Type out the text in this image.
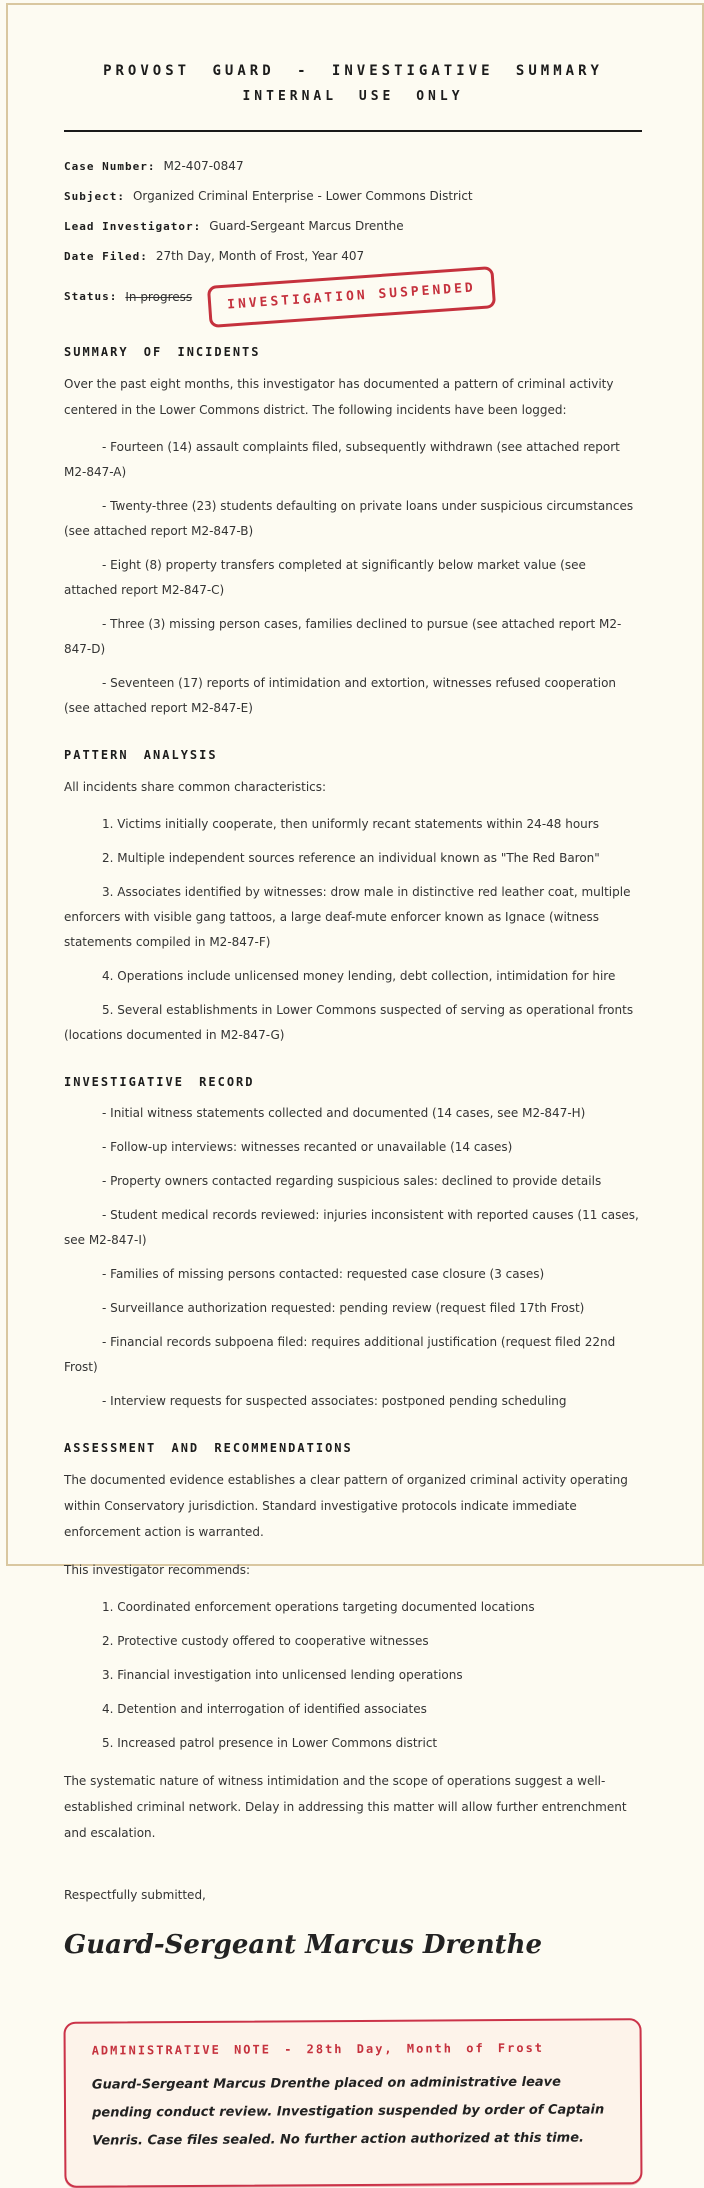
PROVOST GUARD - INVESTIGATIVE SUMMARY
INTERNAL USE ONLY
Case Number: M2-407-0847
Subject: Organized Criminal Enterprise - Lower Commons District
Lead Investigator: Guard-Sergeant Marcus Drenthe
Date Filed: 27th Day, Month of Frost, Year 407
Status: In progress	INVESTIGATION SUSPENDED
SUMMARY OF INCIDENTS

Over the past eight months, this investigator has documented a pattern of criminal activity centered in the Lower Commons district. The following incidents have been logged:

- Fourteen (14) assault complaints filed, subsequently withdrawn (see attached report M2-847-A)
- Twenty-three (23) students defaulting on private loans under suspicious circumstances (see attached report M2-847-B)
- Eight (8) property transfers completed at significantly below market value (see attached report M2-847-C)
- Three (3) missing person cases, families declined to pursue (see attached report M2-847-D)
- Seventeen (17) reports of intimidation and extortion, witnesses refused cooperation (see attached report M2-847-E)
PATTERN ANALYSIS

All incidents share common characteristics:

1. Victims initially cooperate, then uniformly recant statements within 24-48 hours
2. Multiple independent sources reference an individual known as "The Red Baron"
3. Associates identified by witnesses: drow male in distinctive red leather coat, multiple enforcers with visible gang tattoos, a large deaf-mute enforcer known as Ignace (witness statements compiled in M2-847-F)
4. Operations include unlicensed money lending, debt collection, intimidation for hire
5. Several establishments in Lower Commons suspected of serving as operational fronts (locations documented in M2-847-G)
INVESTIGATIVE RECORD
- Initial witness statements collected and documented (14 cases, see M2-847-H)
- Follow-up interviews: witnesses recanted or unavailable (14 cases)
- Property owners contacted regarding suspicious sales: declined to provide details
- Student medical records reviewed: injuries inconsistent with reported causes (11 cases, see M2-847-I)
- Families of missing persons contacted: requested case closure (3 cases)
- Surveillance authorization requested: pending review (request filed 17th Frost)
- Financial records subpoena filed: requires additional justification (request filed 22nd Frost)
- Interview requests for suspected associates: postponed pending scheduling
ASSESSMENT AND RECOMMENDATIONS

The documented evidence establishes a clear pattern of organized criminal activity operating within Conservatory jurisdiction. Standard investigative protocols indicate immediate enforcement action is warranted.

This investigator recommends:

1. Coordinated enforcement operations targeting documented locations
2. Protective custody offered to cooperative witnesses
3. Financial investigation into unlicensed lending operations
4. Detention and interrogation of identified associates
5. Increased patrol presence in Lower Commons district

The systematic nature of witness intimidation and the scope of operations suggest a well-established criminal network. Delay in addressing this matter will allow further entrenchment and escalation.

Respectfully submitted,

Guard-Sergeant Marcus Drenthe

ADMINISTRATIVE NOTE - 28th Day, Month of Frost

Guard-Sergeant Marcus Drenthe placed on administrative leave pending conduct review. Investigation suspended by order of Captain Venris. Case files sealed. No further action authorized at this time.
